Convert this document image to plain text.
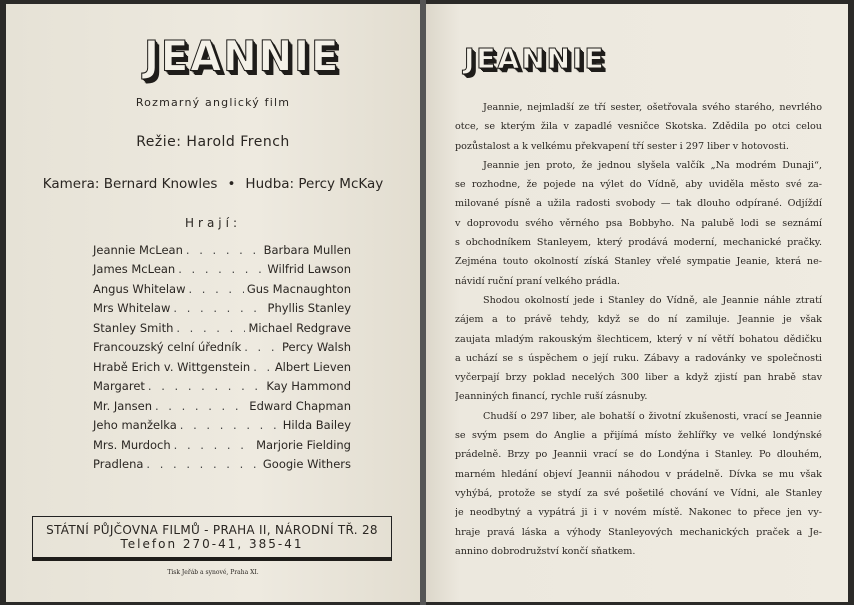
JEANNIE
Rozmarný anglický film
Režie: Harold French
Kamera: Bernard Knowles • Hudba: Percy McKay
Hrají:
Jeannie McLean . . .	Barbara Mullen
James McLean . . .	Wilfrid Lawson
Angus Whitelaw . . .	Gus Macnaughton
Mrs Whitelaw . . .	Phyllis Stanley
Stanley Smith . . .	Michael Redgrave
Francouzský celní úředník . . .	Percy Walsh
Hrabě Erich v. Wittgenstein . . . Albert Lieven
Margaret . . .	Kay Hammond
Mr. Jansen . . .	Edward Chapman
Jeho manželka . . .	Hilda Bailey
Mrs. Murdoch . . .	Marjorie Fielding
Pradlena . . .	Googie Withers
STÁTNÍ PŮJČOVNA FILMŮ - PRAHA II, NÁRODNÍ TŘ. 28
Telefon 270-41, 385-41
Tisk Jeřáb a synové, Praha XI.
JEANNIE
Jeannie, nejmladší ze tří sester, ošetřovala svého starého, nevrlého
otce, se kterým žila v zapadlé vesničce Skotska. Zdědila po otci celou
pozůstalost a k velkému překvapení tří sester i 297 liber v hotovosti.
Jeannie jen proto, že jednou slyšela valčík „Na modrém Dunaji“,
se rozhodne, že pojede na výlet do Vídně, aby uviděla město své za-
milované písně a užila radosti svobody — tak dlouho odpírané. Odjíždí
v doprovodu svého věrného psa Bobbyho. Na palubě lodi se seznámí
s obchodníkem Stanleyem, který prodává moderní, mechanické pračky.
Zejména touto okolností získá Stanley vřelé sympatie Jeanie, která ne-
návidí ruční praní velkého prádla.
Shodou okolností jede i Stanley do Vídně, ale Jeannie náhle ztratí
zájem a to právě tehdy, když se do ní zamiluje. Jeannie je však
zaujata mladým rakouským šlechticem, který v ní větří bohatou dědičku
a uchází se s úspěchem o její ruku. Zábavy a radovánky ve společnosti
vyčerpají brzy poklad necelých 300 liber a když zjistí pan hrabě stav
Jeanniných financí, rychle ruší zásnuby.
Chudší o 297 liber, ale bohatší o životní zkušenosti, vrací se Jeannie
se svým psem do Anglie a přijímá místo žehlířky ve velké londýnské
prádelně. Brzy po Jeannii vrací se do Londýna i Stanley. Po dlouhém,
marném hledání objeví Jeannii náhodou v prádelně. Dívka se mu však
vyhýbá, protože se stydí za své pošetilé chování ve Vídni, ale Stanley
je neodbytný a vypátrá ji i v novém místě. Nakonec to přece jen vy-
hraje pravá láska a výhody Stanleyových mechanických praček a Je-
annino dobrodružství končí sňatkem.
